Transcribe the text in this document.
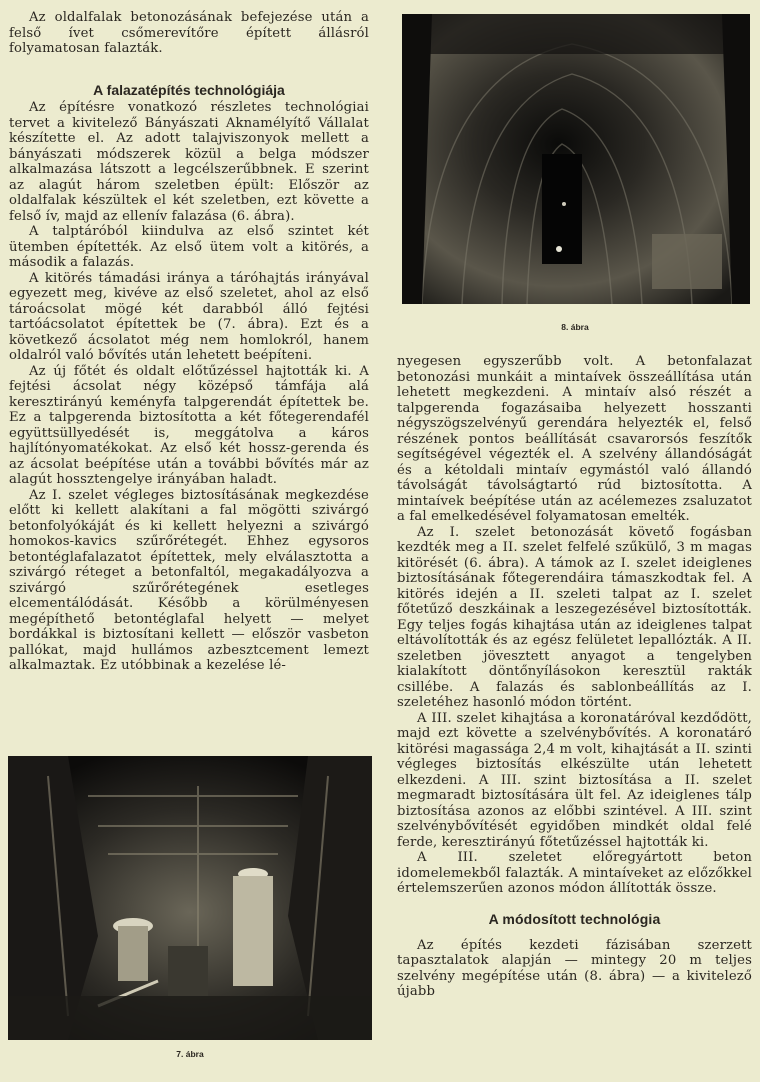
Az oldalfalak betonozásának befejezése után a felső ívet csőmerevítőre épített állásról folyamatosan falazták.

A falazatépítés technológiája

Az építésre vonatkozó részletes technológiai tervet a kivitelező Bányászati Aknamélyítő Vállalat készítette el. Az adott talajviszonyok mellett a bányászati módszerek közül a belga módszer alkalmazása látszott a legcélszerűbbnek. E szerint az alagút három szeletben épült: Először az oldalfalak készültek el két szeletben, ezt követte a felső ív, majd az ellenív falazása (6. ábra).

A talptáróból kiindulva az első szintet két ütemben építették. Az első ütem volt a kitörés, a második a falazás.

A kitörés támadási iránya a táróhajtás irányával egyezett meg, kivéve az első szeletet, ahol az első tároácsolat mögé két darabból álló fejtési tartóácsolatot építettek be (7. ábra). Ezt és a következő ácsolatot még nem homlokról, hanem oldalról való bővítés után lehetett beépíteni.

Az új főtét és oldalt előtűzéssel hajtották ki. A fejtési ácsolat négy középső támfája alá keresztirányú keményfa talpgerendát építettek be. Ez a talpgerenda biztosította a két főtegerendafél együttsüllyedését is, meggátolva a káros hajlítónyomatékokat. Az első két hossz-gerenda és az ácsolat beépítése után a további bővítés már az alagút hossztengelye irányában haladt.

Az I. szelet végleges biztosításának megkezdése előtt ki kellett alakítani a fal mögötti szivárgó betonfolyókáját és ki kellett helyezni a szivárgó homokos-kavics szűrőrétegét. Ehhez egysoros betontéglafalazatot építettek, mely elválasztotta a szivárgó réteget a betonfaltól, megakadályozva a szivárgó szűrőrétegének esetleges elcementálódását. Később a körülményesen megépíthető betontéglafal helyett — melyet bordákkal is biztosítani kellett — először vasbeton pallókat, majd hullámos azbesztcement lemezt alkalmaztak. Ez utóbbinak a kezelése lé-

7. ábra
8. ábra

nyegesen egyszerűbb volt. A betonfalazat betonozási munkáit a mintaívek összeállítása után lehetett megkezdeni. A mintaív alsó részét a talpgerenda fogazásaiba helyezett hosszanti négyszögszelvényű gerendára helyezték el, felső részének pontos beállítását csavarorsós feszítők segítségével végezték el. A szelvény állandóságát és a kétoldali mintaív egymástól való állandó távolságát távolságtartó rúd biztosította. A mintaívek beépítése után az acélemezes zsaluzatot a fal emelkedésével folyamatosan emelték.

Az I. szelet betonozását követő fogásban kezdték meg a II. szelet felfelé szűkülő, 3 m magas kitörését (6. ábra). A támok az I. szelet ideiglenes biztosításának főtegerendáira támaszkodtak fel. A kitörés idején a II. szeleti talpat az I. szelet főtetűző deszkáinak a leszegezésével biztosították. Egy teljes fogás kihajtása után az ideiglenes talpat eltávolították és az egész felületet lepallózták. A II. szeletben jövesztett anyagot a tengelyben kialakított döntőnyílásokon keresztül rakták csillébe. A falazás és sablonbeállítás az I. szeletéhez hasonló módon történt.

A III. szelet kihajtása a koronatáróval kezdődött, majd ezt követte a szelvénybővítés. A koronatáró kitörési magassága 2,4 m volt, kihajtását a II. szinti végleges biztosítás elkészülte után lehetett elkezdeni. A III. szint biztosítása a II. szelet megmaradt biztosítására ült fel. Az ideiglenes tálp biztosítása azonos az előbbi szintével. A III. szint szelvénybővítését egyidőben mindkét oldal felé ferde, keresztirányú főtetűzéssel hajtották ki.

A III. szeletet előregyártott beton idomelemekből falazták. A mintaíveket az előzőkkel értelemszerűen azonos módon állították össze.

A módosított technológia

Az építés kezdeti fázisában szerzett tapasztalatok alapján — mintegy 20 m teljes szelvény megépítése után (8. ábra) — a kivitelező újabb
